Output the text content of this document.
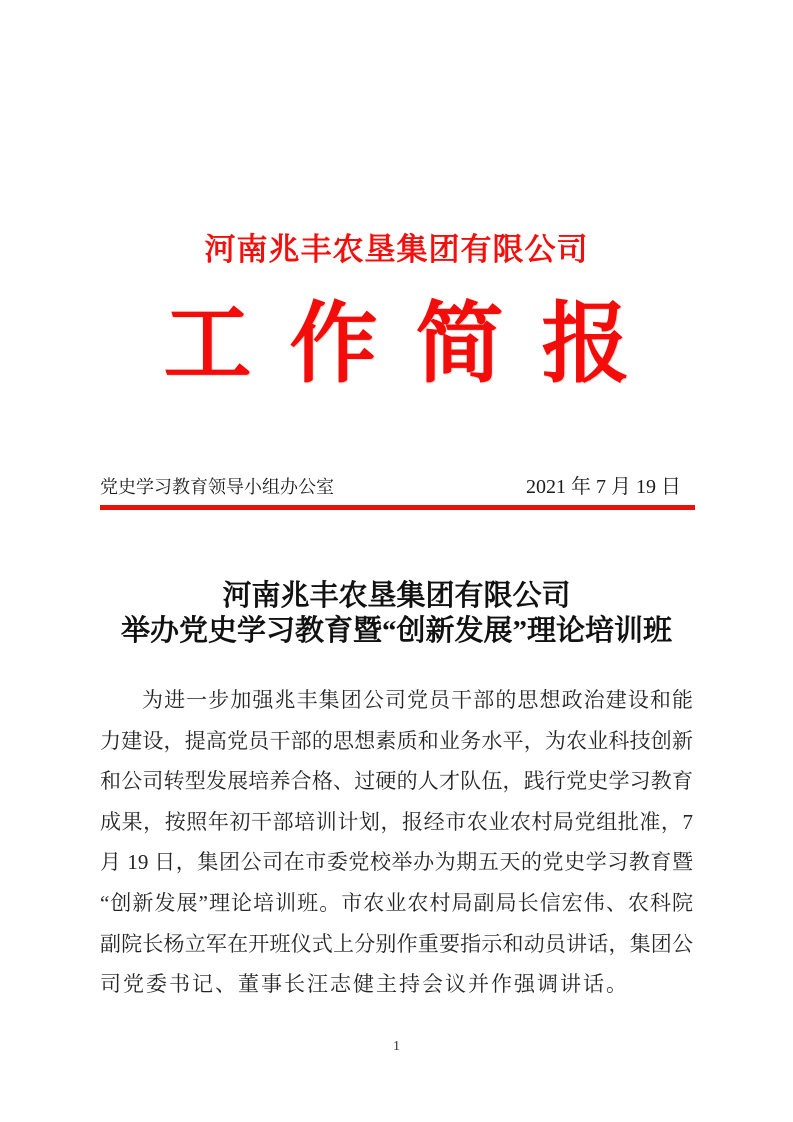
河南兆丰农垦集团有限公司
工作简报
党史学习教育领导小组办公室	2021 年 7 月 19 日
河南兆丰农垦集团有限公司
举办党史学习教育暨“创新发展”理论培训班
为进一步加强兆丰集团公司党员干部的思想政治建设和能
力建设，提高党员干部的思想素质和业务水平，为农业科技创新
和公司转型发展培养合格、过硬的人才队伍，践行党史学习教育
成果，按照年初干部培训计划，报经市农业农村局党组批准，7
月 19 日，集团公司在市委党校举办为期五天的党史学习教育暨
“创新发展”理论培训班。市农业农村局副局长信宏伟、农科院
副院长杨立军在开班仪式上分别作重要指示和动员讲话，集团公
司党委书记、董事长汪志健主持会议并作强调讲话。
1
